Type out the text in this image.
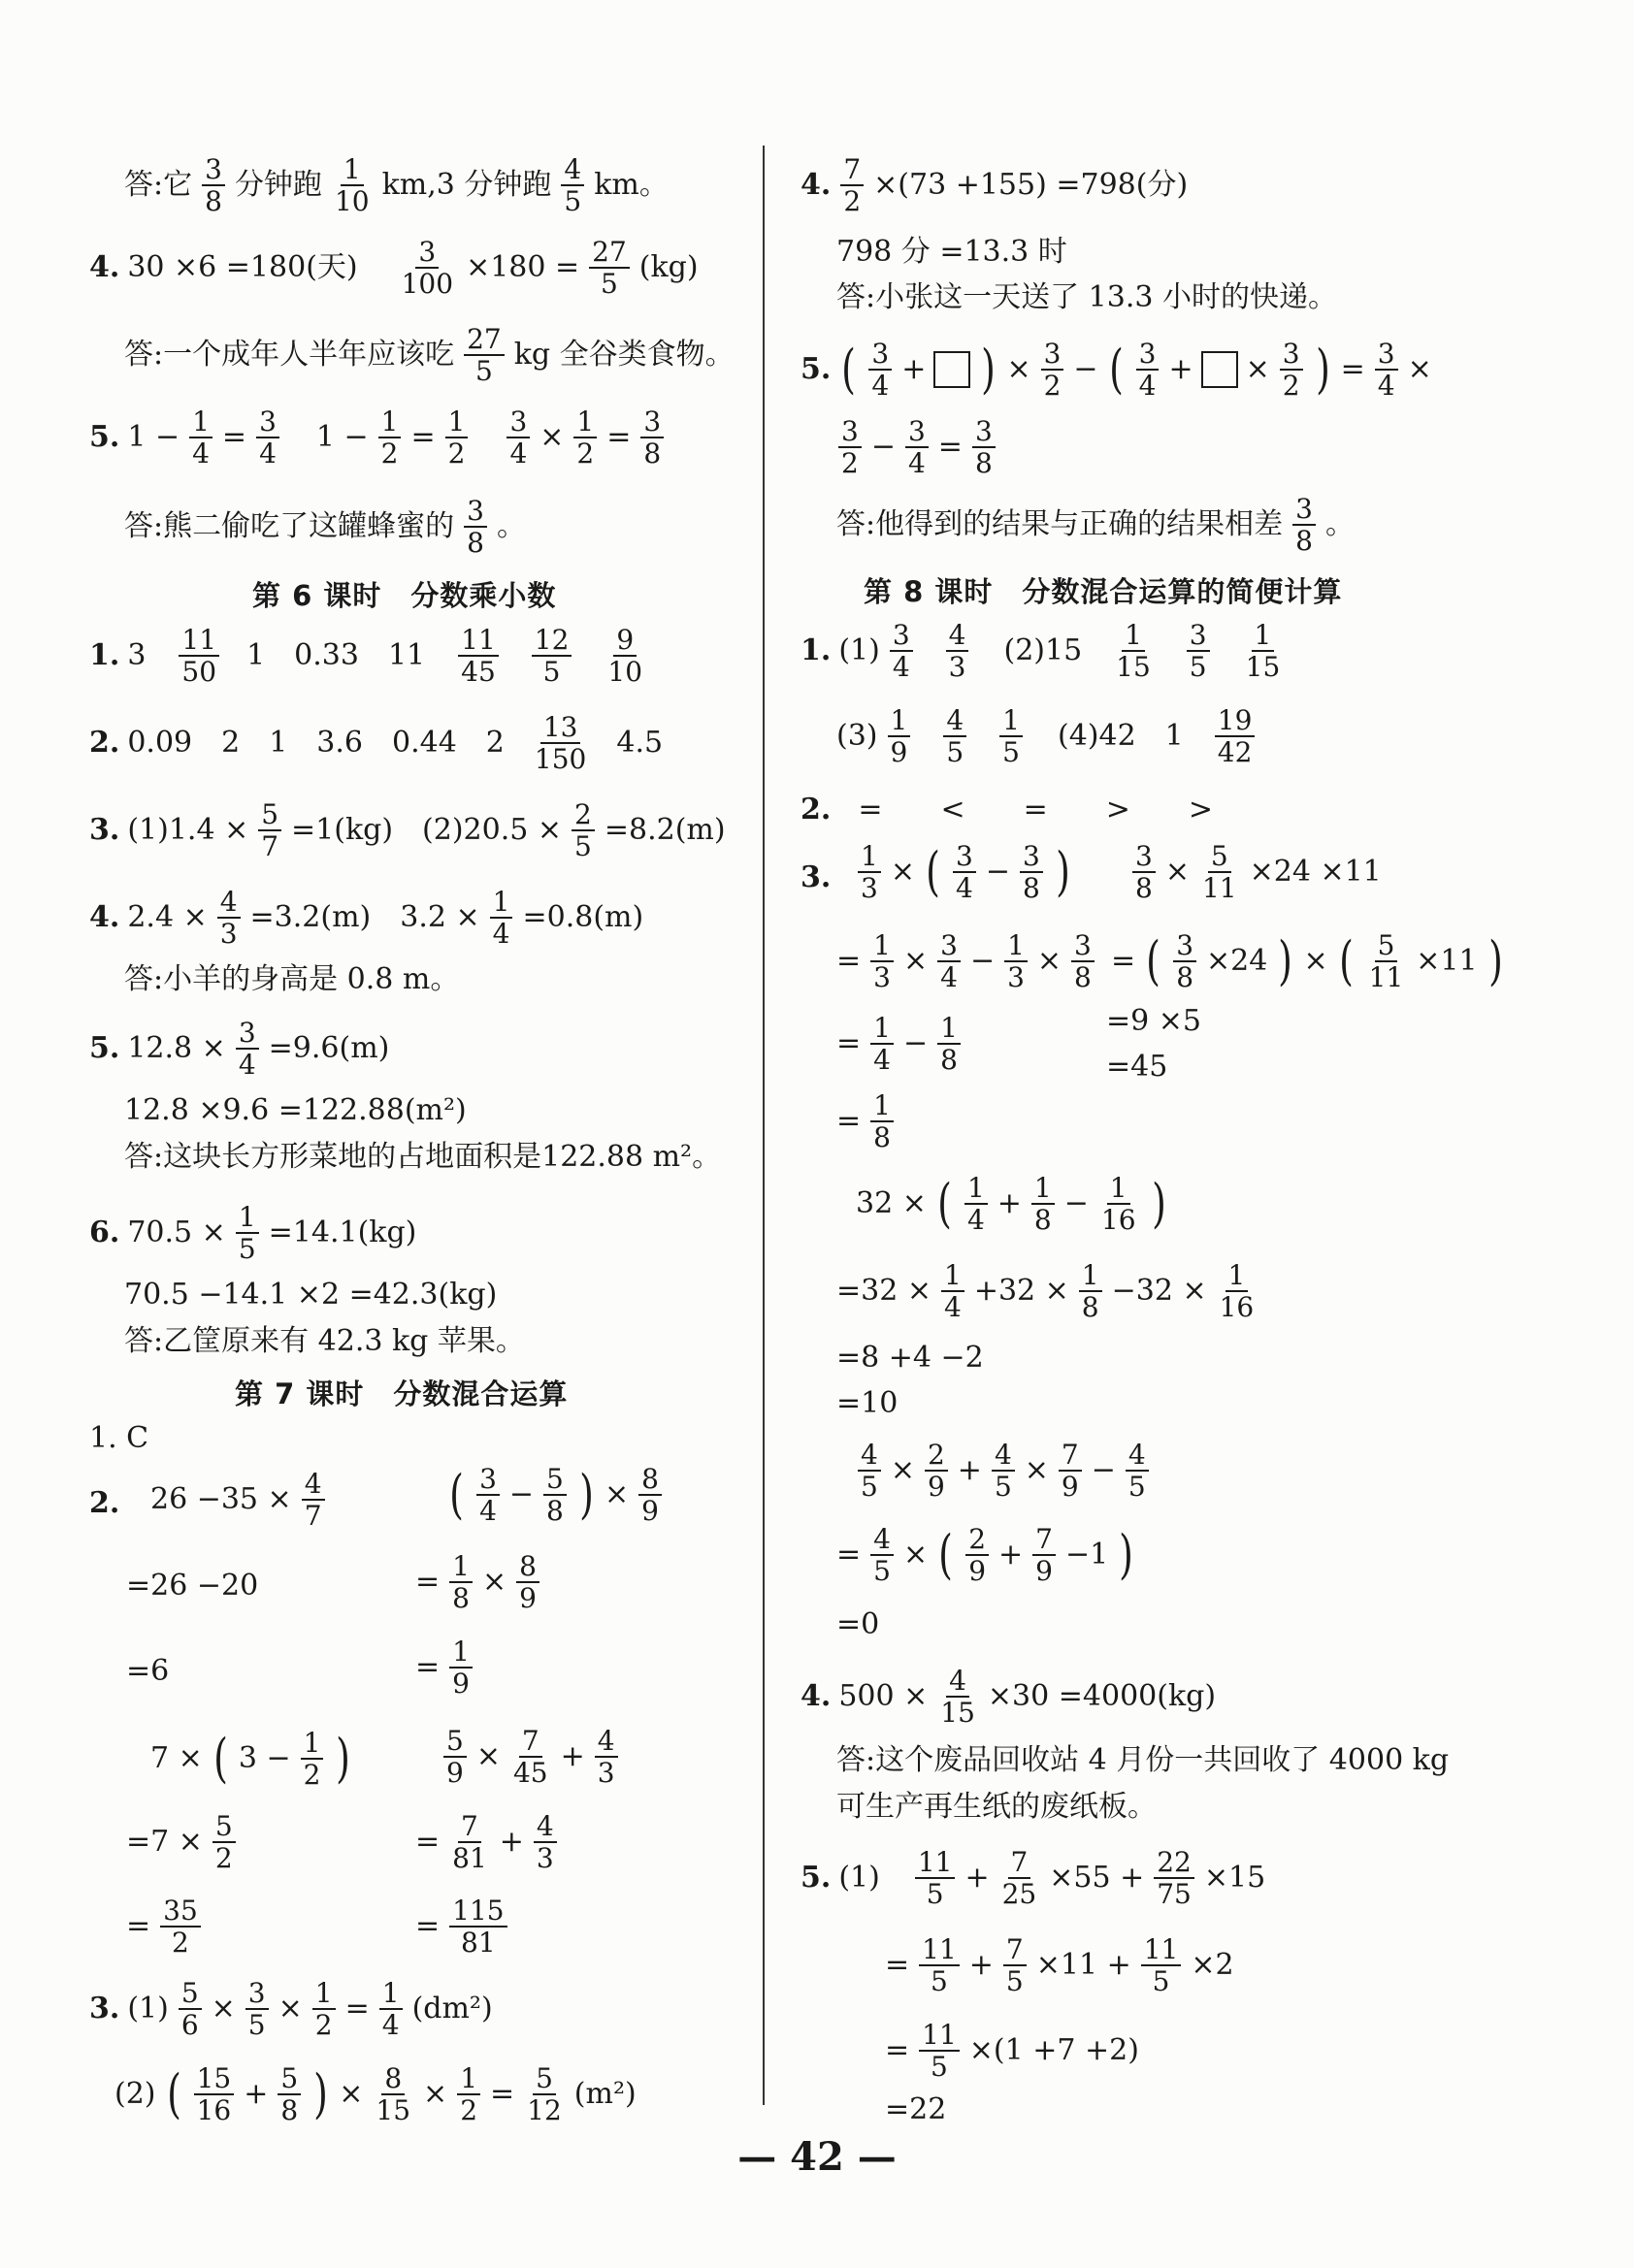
答:它 $\frac{3}{8}$ 分钟跑 $\frac{1}{10} km,3$ 分钟跑 $\frac{4}{5}$ km。
4. 30 ×6 =180(天) $\frac{3}{100} \times 180 = \frac{27}{5} (kg)$
答:一个成年人半年应该吃 $\frac{27}{5}$ kg 全谷类食物。
5. $1 - \frac{1}{4} = \frac{3}{4} 1 - \frac{1}{2} = \frac{1}{2} \frac{3}{4} \times \frac{1}{2} = \frac{3}{8}$
答:熊二偷吃了这罐蜂蜜的 $\frac{3}{8}$ 。
第 6 课时　分数乘小数
1. $3 \frac{11}{50} 1$　0.33　$11 \frac{11}{45} \frac{12}{5} \frac{9}{10}$
2. 0.09　2　1　3.6　0.44　$2 \frac{13}{150} 4.5$
3. $(1)1.4 \times \frac{5}{7} =1(kg)$　$(2)20.5 \times \frac{2}{5} =8.2(m)$
4. $2.4 \times \frac{4}{3} =3.2(m)$　$3.2 \times \frac{1}{4} =0.8(m)$
答:小羊的身高是 0.8 m。
5. $12.8 \times \frac{3}{4} =9.6(m)$
12.8 ×9.6 =122.88(m²)
答:这块长方形菜地的占地面积是122.88 m²。
6. $70.5 \times \frac{1}{5} =14.1(kg)$
70.5 −14.1 ×2 =42.3(kg)
答:乙筐原来有 42.3 kg 苹果。
第 7 课时　分数混合运算
1. C
2. $26 -35 \times \frac{4}{7}$
=26 −20
=6
( $\frac{3}{4} - \frac{5}{8}$ ) × $\frac{8}{9}$
= $\frac{1}{8} \times \frac{8}{9}$
= $\frac{1}{9}$
7 × ( $3 - \frac{1}{2}$ )
$=7 \times \frac{5}{2}$
= $\frac{35}{2}$
$\frac{5}{9} \times \frac{7}{45} + \frac{4}{3}$
= $\frac{7}{81} + \frac{4}{3}$
= $\frac{115}{81}$
3. $(1) \frac{5}{6} \times \frac{3}{5} \times \frac{1}{2} = \frac{1}{4} (dm^2)$
(2) ( $\frac{15}{16} + \frac{5}{8}$ ) × $\frac{8}{15} \times \frac{1}{2} = \frac{5}{12} (m^2)$
4. $\frac{7}{2} \times(73 +155) =798$(分)
798 分 =13.3 时
答:小张这一天送了 13.3 小时的快递。
5. ( $\frac{3}{4}$ + ) × $\frac{3}{2}$ − ( $\frac{3}{4}$ + × $\frac{3}{2}$ ) = $\frac{3}{4}$ ×
$\frac{3}{2} - \frac{3}{4} = \frac{3}{8}$
答:他得到的结果与正确的结果相差 $\frac{3}{8}$ 。
第 8 课时　分数混合运算的简便计算
1. $(1) \frac{3}{4} \frac{4}{3} (2)15 \frac{1}{15} \frac{3}{5} \frac{1}{15}$
$(3) \frac{1}{9} \frac{4}{5} \frac{1}{5} (4)42$　$1 \frac{19}{42}$
2. =　　<　　=　　>　　>
3. $\frac{1}{3}$ × ( $\frac{3}{4} - \frac{3}{8}$ )
= $\frac{1}{3} \times \frac{3}{4} - \frac{1}{3} \times \frac{3}{8}$
= $\frac{1}{4} - \frac{1}{8}$
= $\frac{1}{8}$
$\frac{3}{8} \times \frac{5}{11} \times 24 \times 11$
= ( $\frac{3}{8} \times 24$ ) × ( $\frac{5}{11} \times 11$ )
=9 ×5
=45
32 × ( $\frac{1}{4} + \frac{1}{8} - \frac{1}{16}$ )
$=32 \times \frac{1}{4} +32 \times \frac{1}{8} -32 \times \frac{1}{16}$
=8 +4 −2
=10
$\frac{4}{5} \times \frac{2}{9} + \frac{4}{5} \times \frac{7}{9} - \frac{4}{5}$
= $\frac{4}{5}$ × ( $\frac{2}{9} + \frac{7}{9} -1$ )
=0
4. $500 \times \frac{4}{15} \times 30 =4000(kg)$
答:这个废品回收站 4 月份一共回收了 4000 kg
可生产再生纸的废纸板。
5. $(1) \frac{11}{5} + \frac{7}{25} \times 55 + \frac{22}{75} \times 15$
= $\frac{11}{5} + \frac{7}{5} \times 11 + \frac{11}{5} \times 2$
= $\frac{11}{5} \times(1 +7 +2)$
=22
— 42 —
